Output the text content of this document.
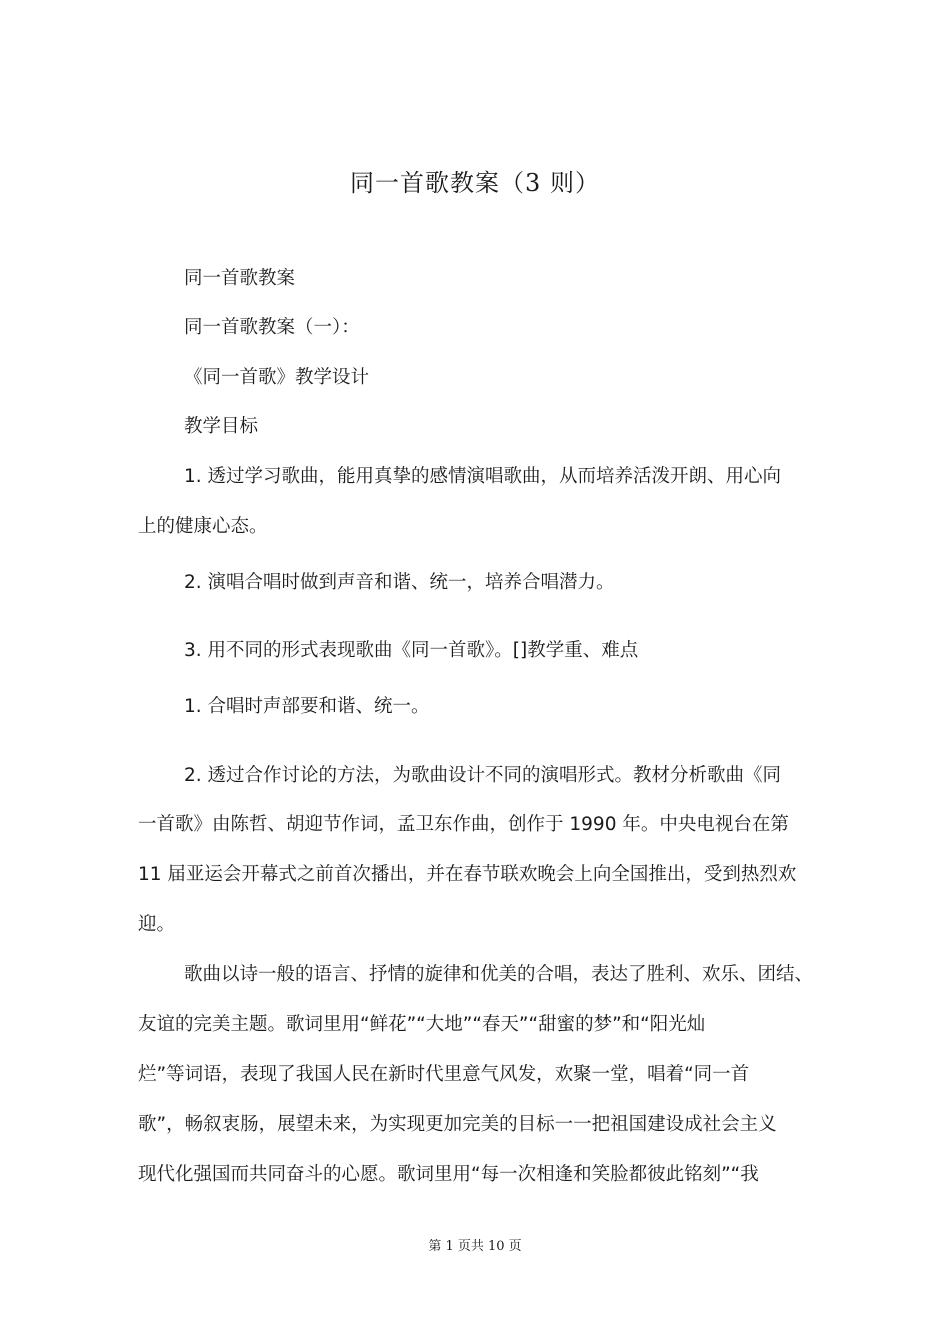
同一首歌教案（3 则）
同一首歌教案
同一首歌教案（一）：
《同一首歌》教学设计
教学目标
1. 透过学习歌曲，能用真挚的感情演唱歌曲，从而培养活泼开朗、用心向
上的健康心态。
2. 演唱合唱时做到声音和谐、统一，培养合唱潜力。
3. 用不同的形式表现歌曲《同一首歌》。[]教学重、难点
1. 合唱时声部要和谐、统一。
2. 透过合作讨论的方法，为歌曲设计不同的演唱形式。教材分析歌曲《同
一首歌》由陈哲、胡迎节作词，孟卫东作曲，创作于 1990 年。中央电视台在第
11 届亚运会开幕式之前首次播出，并在春节联欢晚会上向全国推出，受到热烈欢
迎。
歌曲以诗一般的语言、抒情的旋律和优美的合唱，表达了胜利、欢乐、团结、
友谊的完美主题。歌词里用“鲜花”“大地”“春天”“甜蜜的梦”和“阳光灿
烂”等词语，表现了我国人民在新时代里意气风发，欢聚一堂，唱着“同一首
歌”，畅叙衷肠，展望未来，为实现更加完美的目标一一把祖国建设成社会主义
现代化强国而共同奋斗的心愿。歌词里用“每一次相逢和笑脸都彼此铭刻”“我
第 1 页共 10 页
